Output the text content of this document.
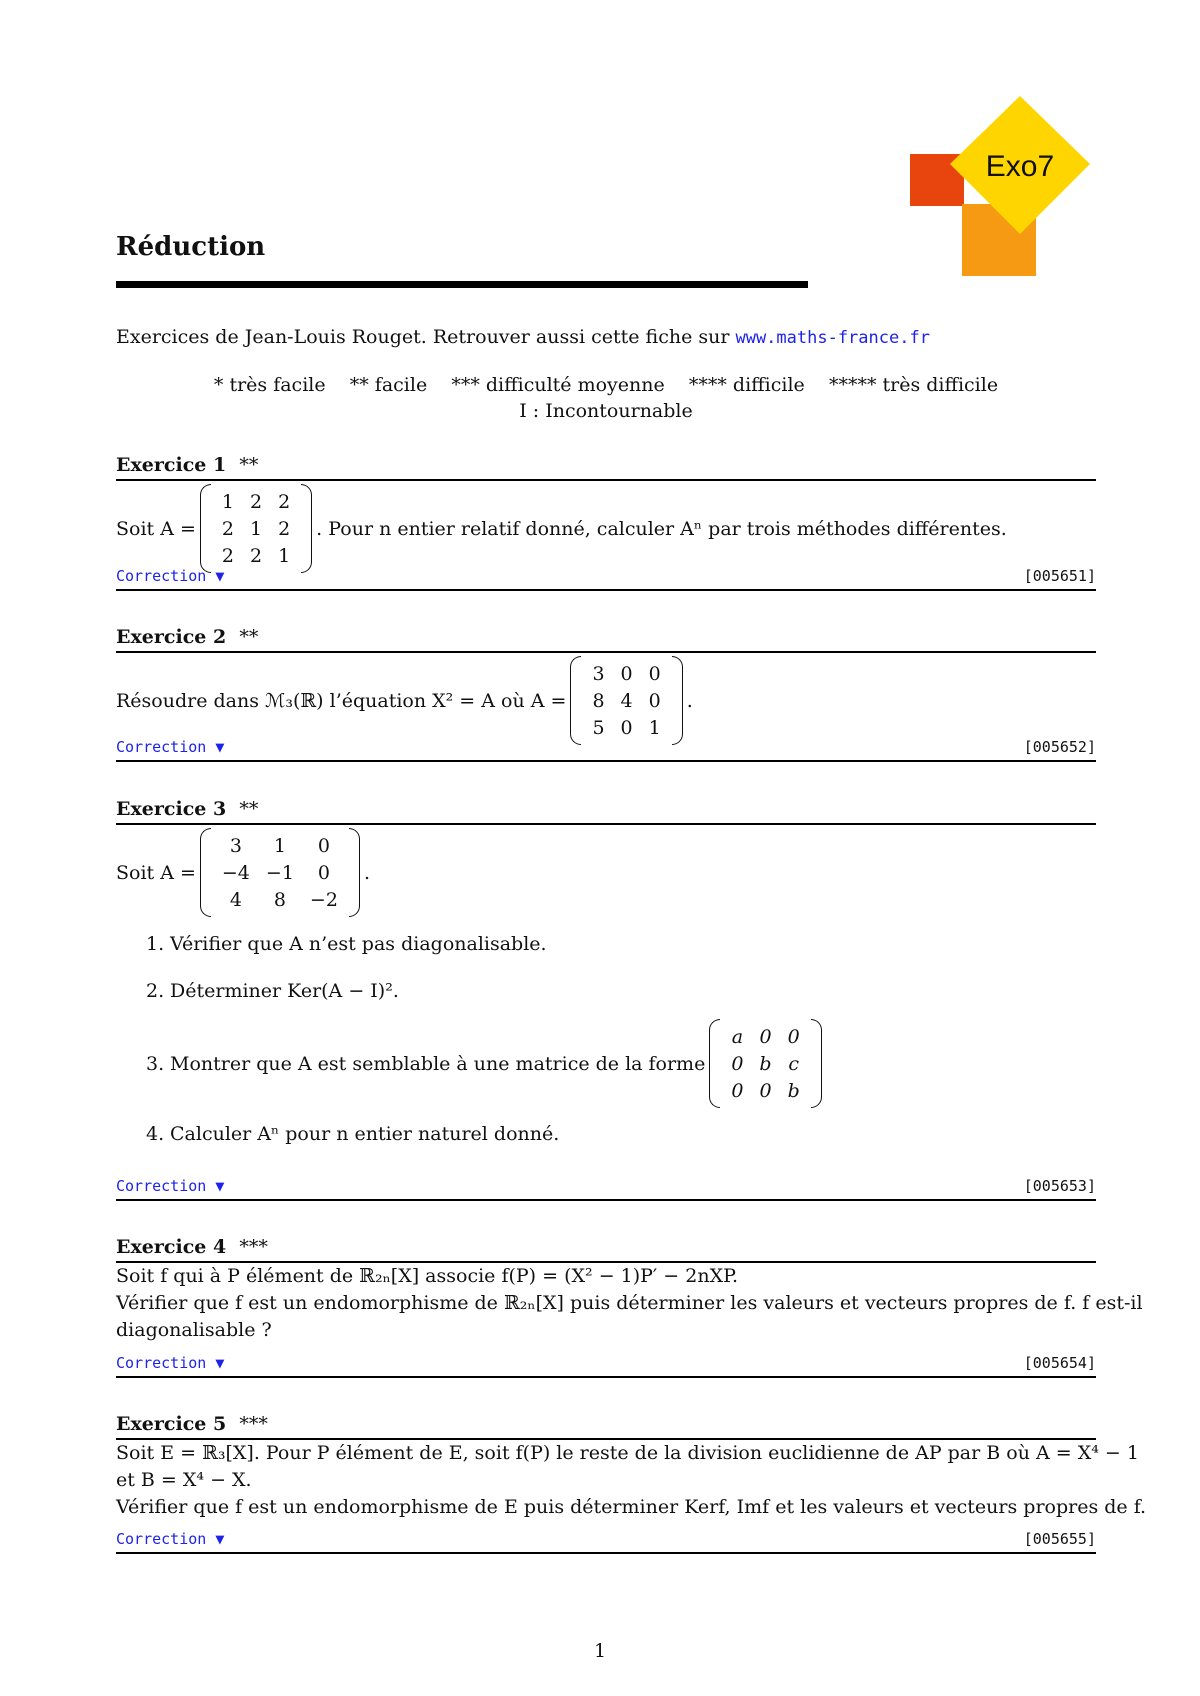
Exo7
Réduction
Exercices de Jean-Louis Rouget. Retrouver aussi cette fiche sur www.maths-france.fr
* très facile    ** facile    *** difficulté moyenne    **** difficile    ***** très difficile
I : Incontournable
Exercice 1 **
Soit A =
1	2	2
2	1	2
2	2	1
. Pour n entier relatif donné, calculer Aⁿ par trois méthodes différentes.
Correction ▼	[005651]
Exercice 2 **
Résoudre dans ℳ₃(ℝ) l’équation X² = A où A =
3	0	0
8	4	0
5	0	1
.
Correction ▼	[005652]
Exercice 3 **
Soit A =
3	1	0
−4	−1	0
4	8	−2
.
1. Vérifier que A n’est pas diagonalisable.
2. Déterminer Ker(A − I)².
3. Montrer que A est semblable à une matrice de la forme
a	0	0
0	b	c
0	0	b
4. Calculer Aⁿ pour n entier naturel donné.
Correction ▼	[005653]
Exercice 4 ***
Soit f qui à P élément de ℝ₂ₙ[X] associe f(P) = (X² − 1)P′ − 2nXP.
Vérifier que f est un endomorphisme de ℝ₂ₙ[X] puis déterminer les valeurs et vecteurs propres de f. f est-il
diagonalisable ?
Correction ▼	[005654]
Exercice 5 ***
Soit E = ℝ₃[X]. Pour P élément de E, soit f(P) le reste de la division euclidienne de AP par B où A = X⁴ − 1
et B = X⁴ − X.
Vérifier que f est un endomorphisme de E puis déterminer Kerf, Imf et les valeurs et vecteurs propres de f.
Correction ▼	[005655]
1
